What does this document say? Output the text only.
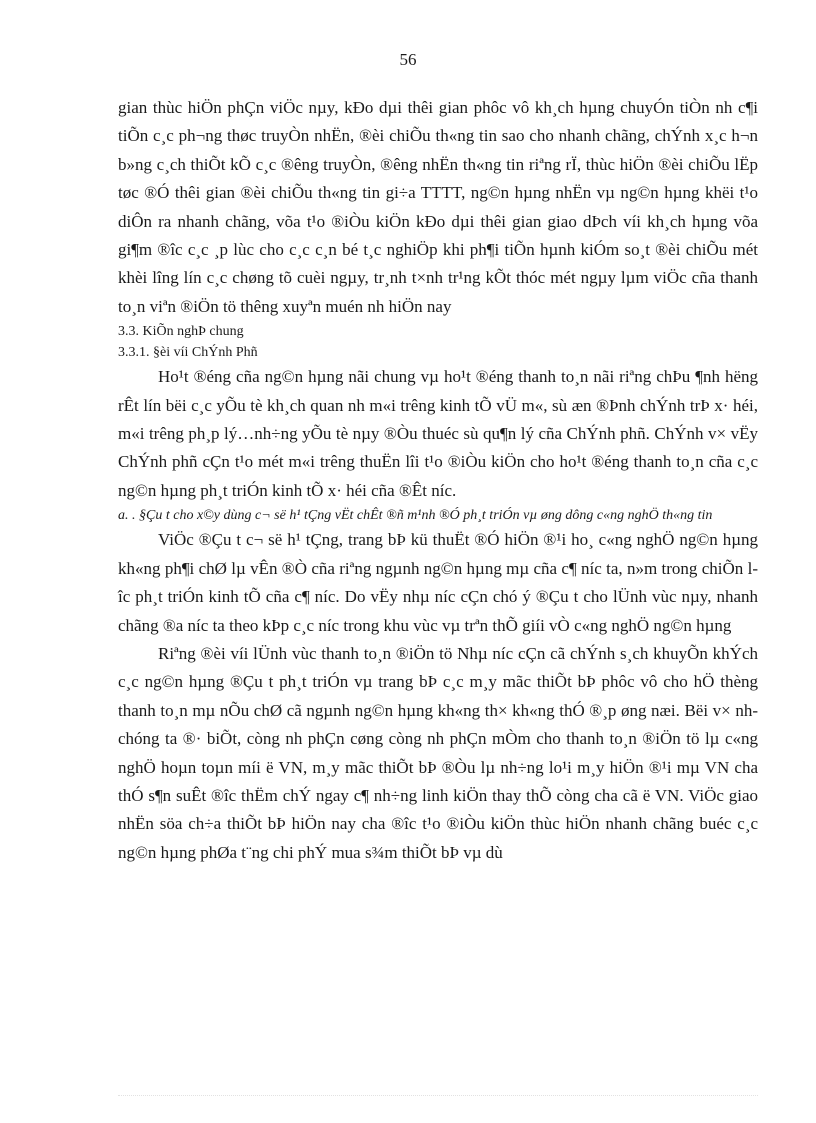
56

gian thùc hiÖn phÇn viÖc nµy, kÐo dµi thêi gian phôc vô kh¸ch hµng chuyÓn tiÒn nh c¶i tiÕn c¸c ph¬ng thøc truyÒn nhËn, ®èi chiÕu th«ng tin sao cho nhanh chãng, chÝnh x¸c h¬n b»ng c¸ch thiÕt kÕ c¸c ®êng truyÒn, ®êng nhËn th«ng tin riªng rÏ, thùc hiÖn ®èi chiÕu lËp tøc ®Ó thêi gian ®èi chiÕu th«ng tin gi÷a TTTT, ng©n hµng nhËn vµ ng©n hµng khëi t¹o diÔn ra nhanh chãng, võa t¹o ®iÒu kiÖn kÐo dµi thêi gian giao dÞch víi kh¸ch hµng võa gi¶m ®îc c¸c ¸p lùc cho c¸c c¸n bé t¸c nghiÖp khi ph¶i tiÕn hµnh kiÓm so¸t ®èi chiÕu mét khèi lîng lín c¸c chøng tõ cuèi ngµy, tr¸nh t×nh tr¹ng kÕt thóc mét ngµy lµm viÖc cña thanh to¸n viªn ®iÖn tö thêng xuyªn muén nh hiÖn nay

3.3. KiÕn nghÞ chung

3.3.1. §èi víi ChÝnh Phñ

Ho¹t ®éng cña ng©n hµng nãi chung vµ ho¹t ®éng thanh to¸n nãi riªng chÞu ¶nh hëng rÊt lín bëi c¸c yÕu tè kh¸ch quan nh m«i trêng kinh tÕ vÜ m«, sù æn ®Þnh chÝnh trÞ x· héi, m«i trêng ph¸p lý…nh÷ng yÕu tè nµy ®Òu thuéc sù qu¶n lý cña ChÝnh phñ. ChÝnh v× vËy ChÝnh phñ cÇn t¹o mét m«i trêng thuËn lîi t¹o ®iÒu kiÖn cho ho¹t ®éng thanh to¸n cña c¸c ng©n hµng ph¸t triÓn kinh tÕ x· héi cña ®Êt níc.

a. . §Çu t cho x©y dùng c¬ së h¹ tÇng vËt chÊt ®ñ m¹nh ®Ó ph¸t triÓn vµ øng dông c«ng nghÖ th«ng tin

ViÖc ®Çu t c¬ së h¹ tÇng, trang bÞ kü thuËt ®Ó hiÖn ®¹i ho¸ c«ng nghÖ ng©n hµng kh«ng ph¶i chØ lµ vÊn ®Ò cña riªng ngµnh ng©n hµng mµ cña c¶ níc ta, n»m trong chiÕn lîc ph¸t triÓn kinh tÕ cña c¶ níc. Do vËy nhµ níc cÇn chó ý ®Çu t cho lÜnh vùc nµy, nhanh chãng ®a níc ta theo kÞp c¸c níc trong khu vùc vµ trªn thÕ giíi vÒ c«ng nghÖ ng©n hµng

Riªng ®èi víi lÜnh vùc thanh to¸n ®iÖn tö Nhµ níc cÇn cã chÝnh s¸ch khuyÕn khÝch c¸c ng©n hµng ®Çu t ph¸t triÓn vµ trang bÞ c¸c m¸y mãc thiÕt bÞ phôc vô cho hÖ thèng thanh to¸n mµ nÕu chØ cã ngµnh ng©n hµng kh«ng th× kh«ng thÓ ®¸p øng næi. Bëi v× nh chóng ta ®· biÕt, còng nh phÇn cøng còng nh phÇn mÒm cho thanh to¸n ®iÖn tö lµ c«ng nghÖ hoµn toµn míi ë VN, m¸y mãc thiÕt bÞ ®Òu lµ nh÷ng lo¹i m¸y hiÖn ®¹i mµ VN cha thÓ s¶n suÊt ®îc thËm chÝ ngay c¶ nh÷ng linh kiÖn thay thÕ còng cha cã ë VN. ViÖc giao nhËn söa ch÷a thiÕt bÞ hiÖn nay cha ®îc t¹o ®iÒu kiÖn thùc hiÖn nhanh chãng buéc c¸c ng©n hµng phØa t¨ng chi phÝ mua s¾m thiÕt bÞ vµ dù
